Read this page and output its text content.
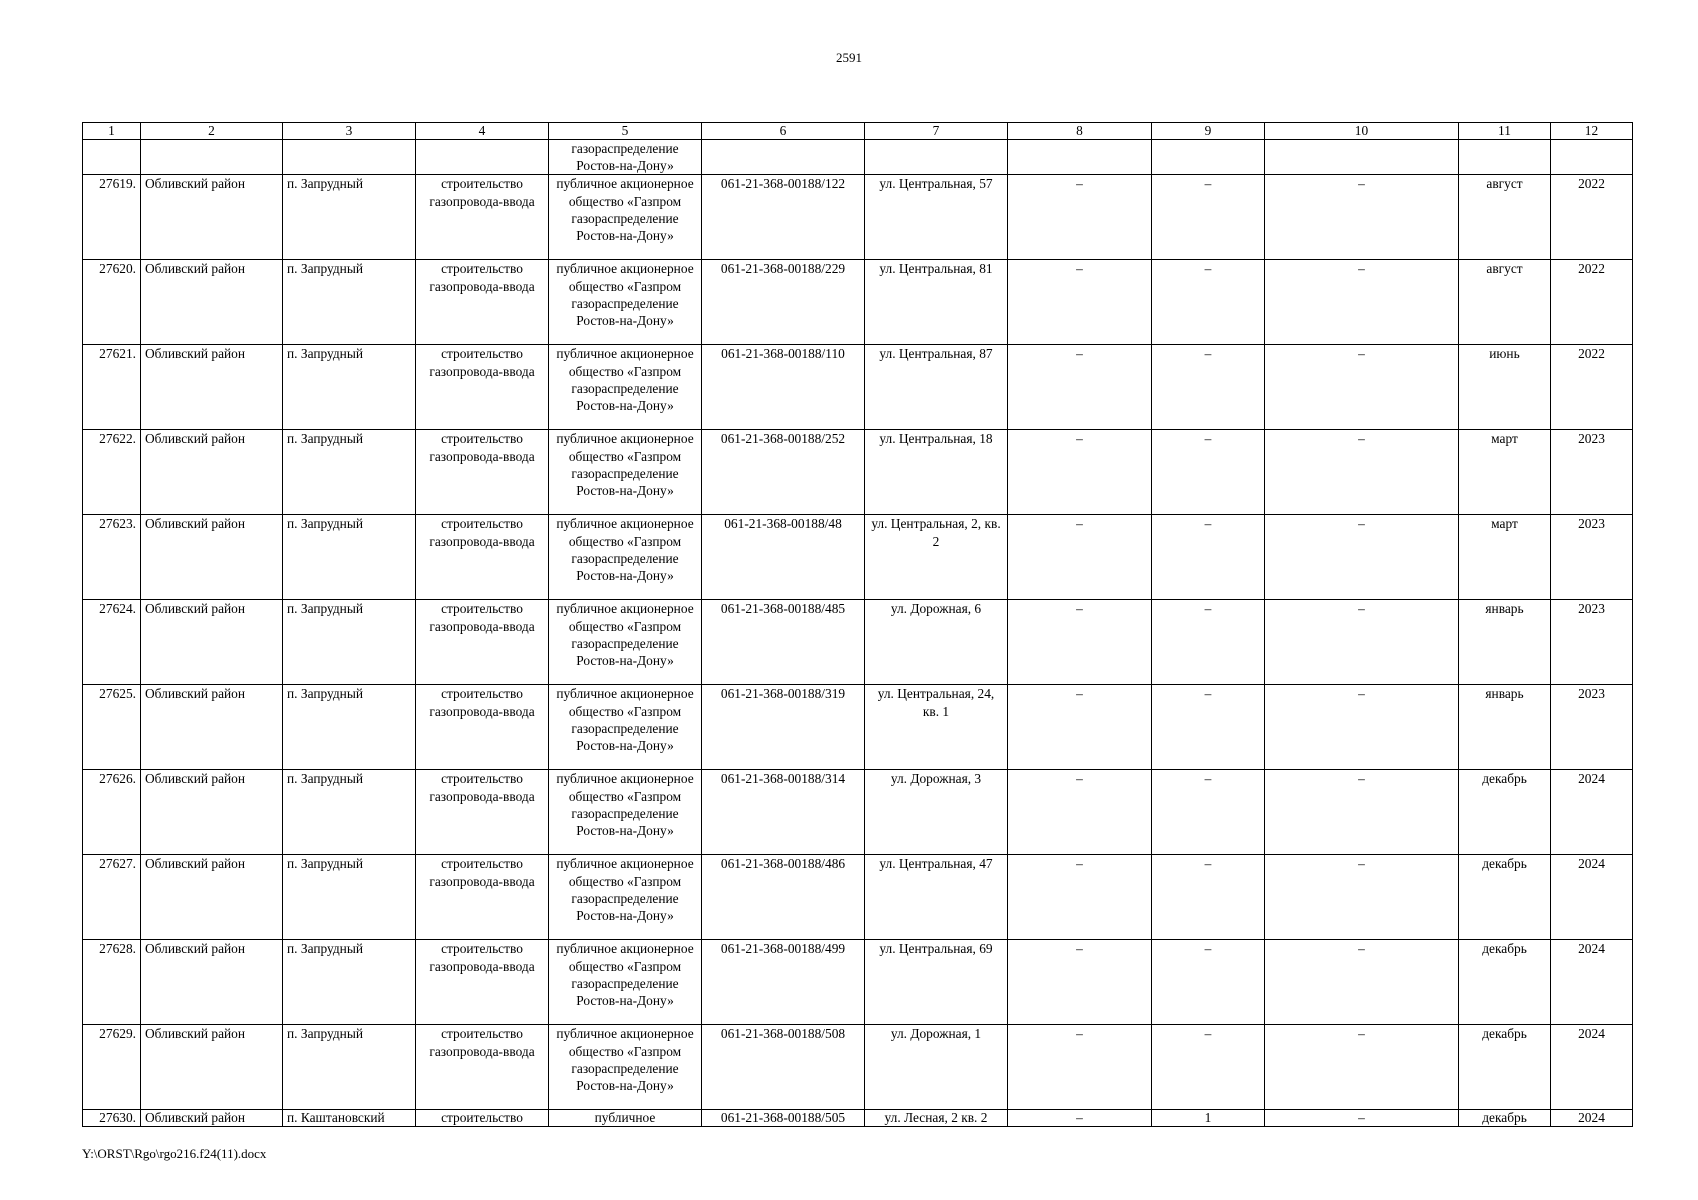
2591
1	2	3	4	5	6	7	8	9	10	11	12
				газораспределение
Ростов-на-Дону»							
27619.	Обливский район	п. Запрудный	строительство газопровода-ввода	публичное акционерное общество «Газпром газораспределение Ростов-на-Дону»	061-21-368-00188/122	ул. Центральная, 57	–	–	–	август	2022
27620.	Обливский район	п. Запрудный	строительство газопровода-ввода	публичное акционерное общество «Газпром газораспределение Ростов-на-Дону»	061-21-368-00188/229	ул. Центральная, 81	–	–	–	август	2022
27621.	Обливский район	п. Запрудный	строительство газопровода-ввода	публичное акционерное общество «Газпром газораспределение Ростов-на-Дону»	061-21-368-00188/110	ул. Центральная, 87	–	–	–	июнь	2022
27622.	Обливский район	п. Запрудный	строительство газопровода-ввода	публичное акционерное общество «Газпром газораспределение Ростов-на-Дону»	061-21-368-00188/252	ул. Центральная, 18	–	–	–	март	2023
27623.	Обливский район	п. Запрудный	строительство газопровода-ввода	публичное акционерное общество «Газпром газораспределение Ростов-на-Дону»	061-21-368-00188/48	ул. Центральная, 2, кв. 2	–	–	–	март	2023
27624.	Обливский район	п. Запрудный	строительство газопровода-ввода	публичное акционерное общество «Газпром газораспределение Ростов-на-Дону»	061-21-368-00188/485	ул. Дорожная, 6	–	–	–	январь	2023
27625.	Обливский район	п. Запрудный	строительство газопровода-ввода	публичное акционерное общество «Газпром газораспределение Ростов-на-Дону»	061-21-368-00188/319	ул. Центральная, 24, кв. 1	–	–	–	январь	2023
27626.	Обливский район	п. Запрудный	строительство газопровода-ввода	публичное акционерное общество «Газпром газораспределение Ростов-на-Дону»	061-21-368-00188/314	ул. Дорожная, 3	–	–	–	декабрь	2024
27627.	Обливский район	п. Запрудный	строительство газопровода-ввода	публичное акционерное общество «Газпром газораспределение Ростов-на-Дону»	061-21-368-00188/486	ул. Центральная, 47	–	–	–	декабрь	2024
27628.	Обливский район	п. Запрудный	строительство газопровода-ввода	публичное акционерное общество «Газпром газораспределение Ростов-на-Дону»	061-21-368-00188/499	ул. Центральная, 69	–	–	–	декабрь	2024
27629.	Обливский район	п. Запрудный	строительство газопровода-ввода	публичное акционерное общество «Газпром газораспределение Ростов-на-Дону»	061-21-368-00188/508	ул. Дорожная, 1	–	–	–	декабрь	2024
27630.	Обливский район	п. Каштановский	строительство	публичное	061-21-368-00188/505	ул. Лесная, 2 кв. 2	–	1	–	декабрь	2024
Y:\ORST\Rgo\rgo216.f24(11).docx
